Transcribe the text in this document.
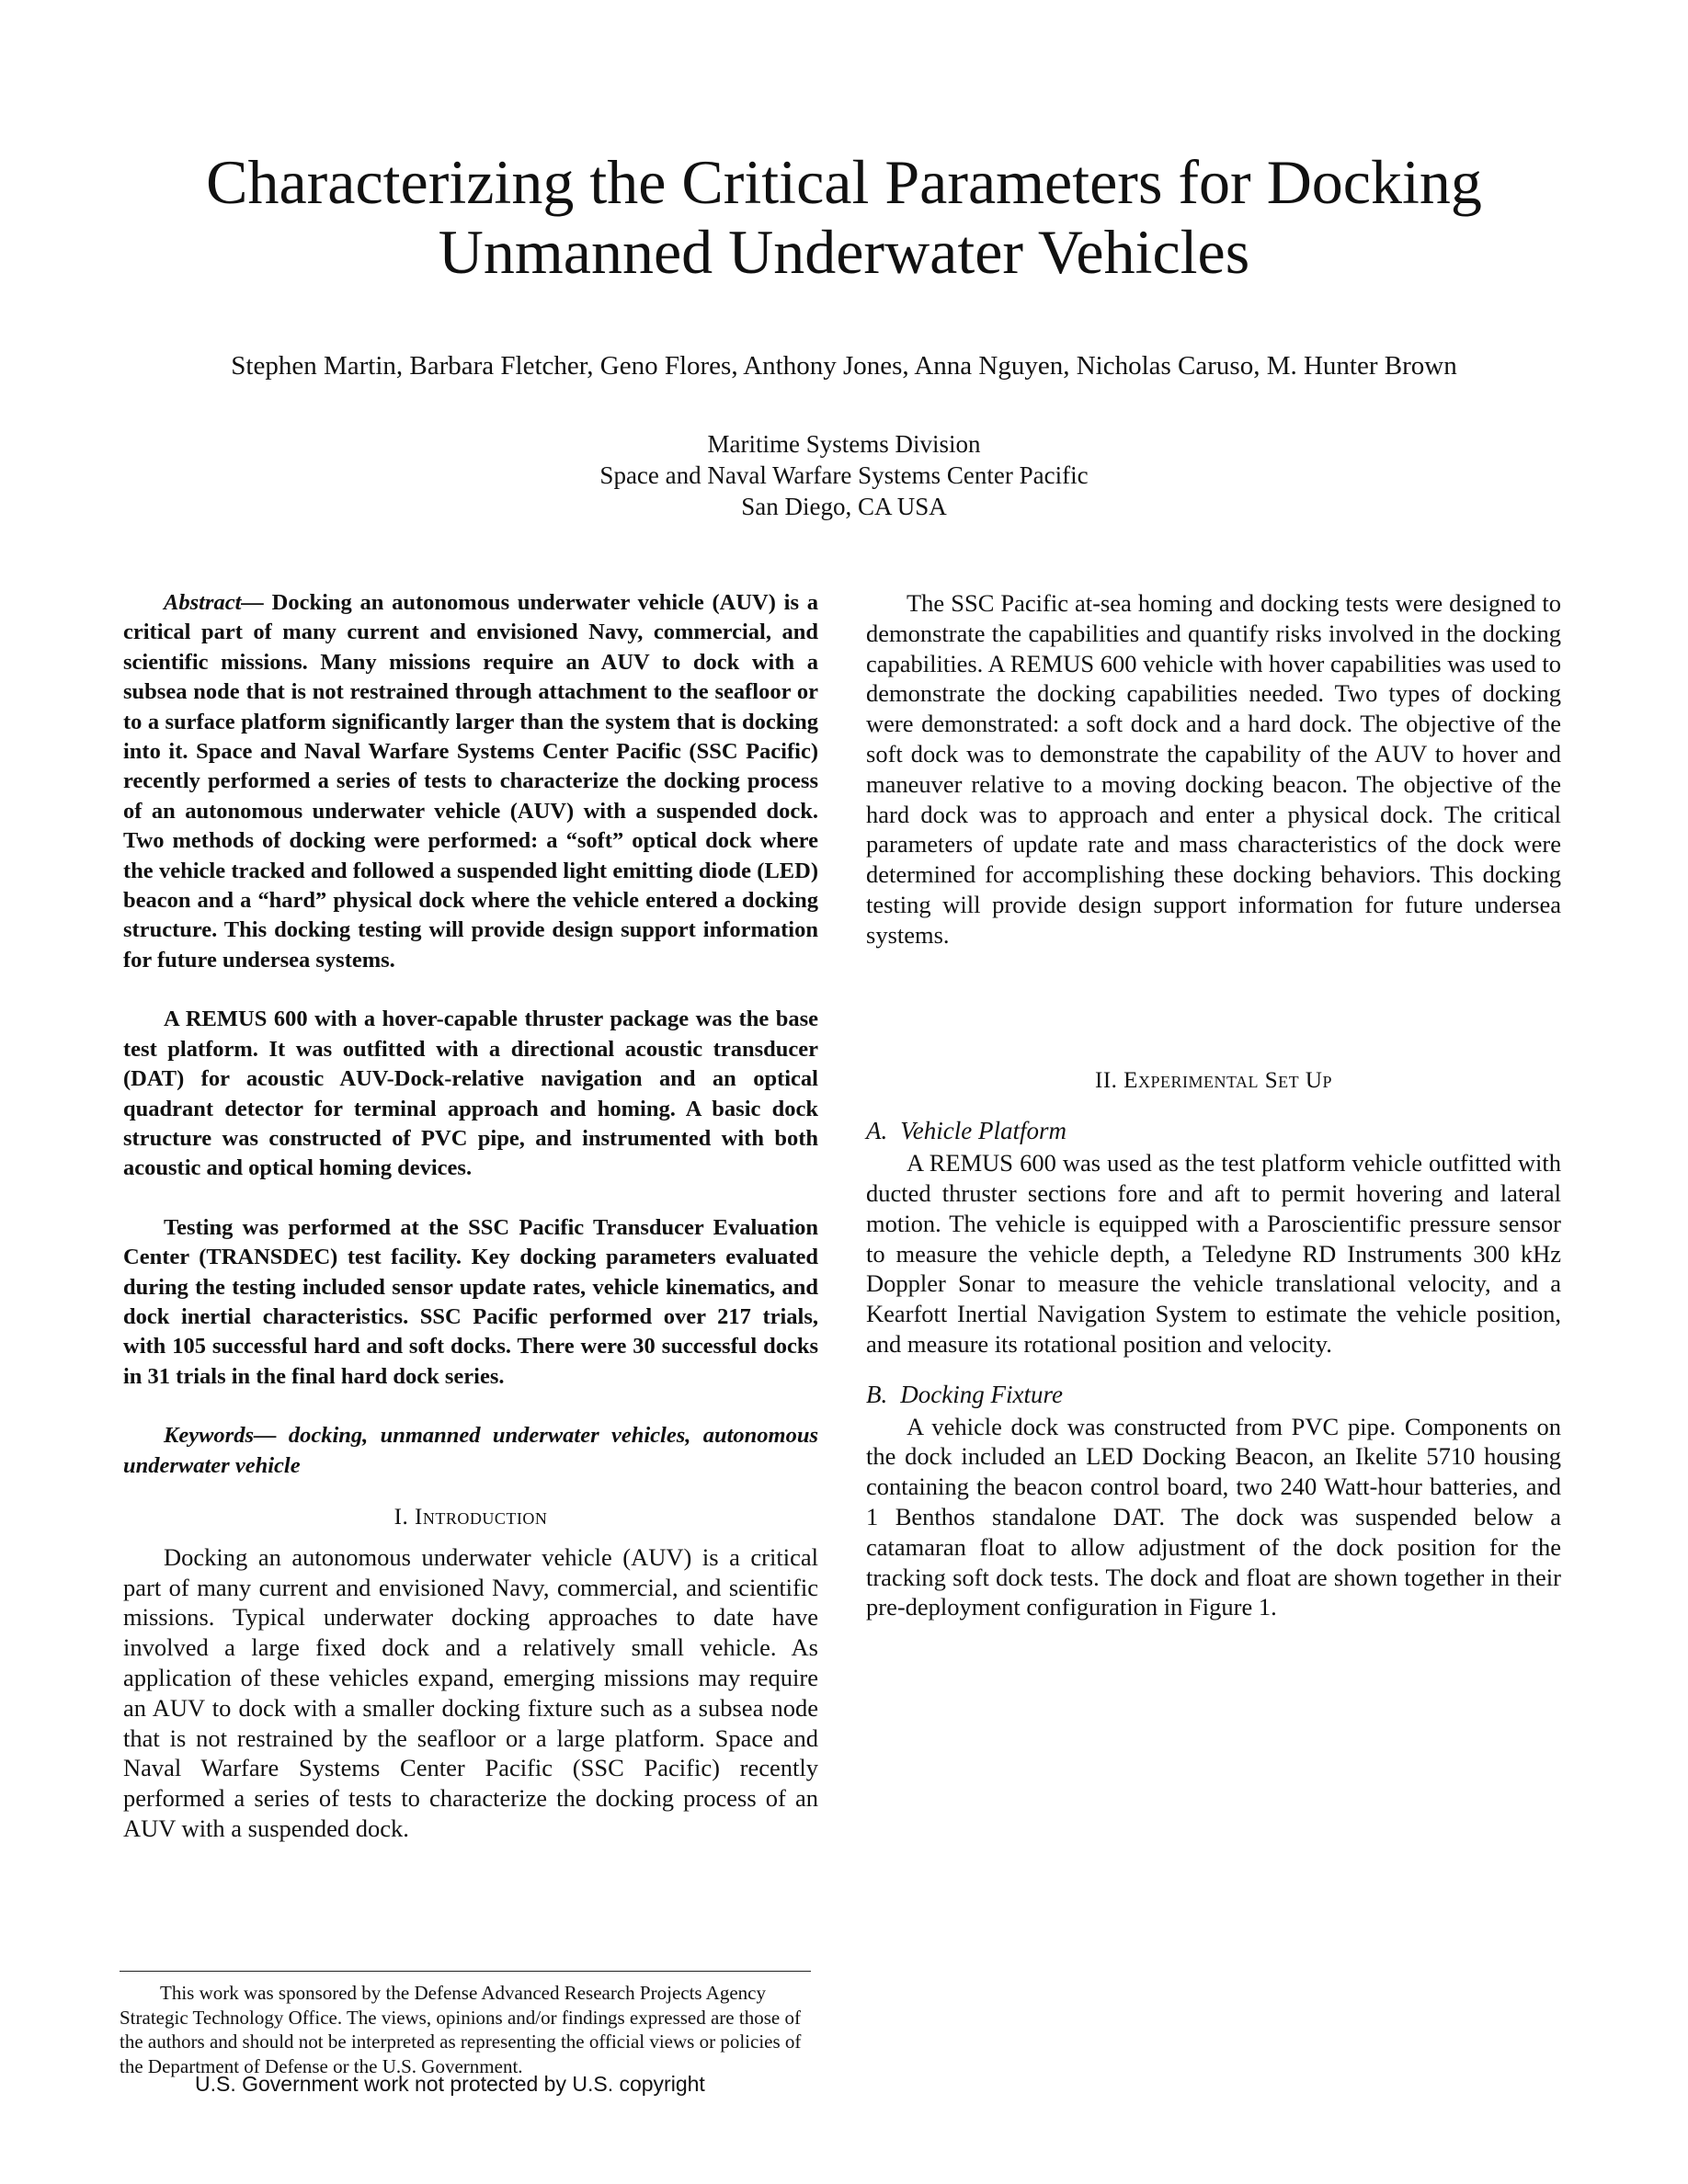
Characterizing the Critical Parameters for Docking Unmanned Underwater Vehicles

Stephen Martin, Barbara Fletcher, Geno Flores, Anthony Jones, Anna Nguyen, Nicholas Caruso, M. Hunter Brown

Maritime Systems Division
Space and Naval Warfare Systems Center Pacific
San Diego, CA USA

Abstract— Docking an autonomous underwater vehicle (AUV) is a critical part of many current and envisioned Navy, commercial, and scientific missions. Many missions require an AUV to dock with a subsea node that is not restrained through attachment to the seafloor or to a surface platform significantly larger than the system that is docking into it. Space and Naval Warfare Systems Center Pacific (SSC Pacific) recently performed a series of tests to characterize the docking process of an autonomous underwater vehicle (AUV) with a suspended dock. Two methods of docking were performed: a “soft” optical dock where the vehicle tracked and followed a suspended light emitting diode (LED) beacon and a “hard” physical dock where the vehicle entered a docking structure. This docking testing will provide design support information for future undersea systems.

A REMUS 600 with a hover-capable thruster package was the base test platform. It was outfitted with a directional acoustic transducer (DAT) for acoustic AUV-Dock-relative navigation and an optical quadrant detector for terminal approach and homing. A basic dock structure was constructed of PVC pipe, and instrumented with both acoustic and optical homing devices.

Testing was performed at the SSC Pacific Transducer Evaluation Center (TRANSDEC) test facility. Key docking parameters evaluated during the testing included sensor update rates, vehicle kinematics, and dock inertial characteristics. SSC Pacific performed over 217 trials, with 105 successful hard and soft docks. There were 30 successful docks in 31 trials in the final hard dock series.

Keywords— docking, unmanned underwater vehicles, autonomous underwater vehicle

I. Introduction

Docking an autonomous underwater vehicle (AUV) is a critical part of many current and envisioned Navy, commercial, and scientific missions. Typical underwater docking approaches to date have involved a large fixed dock and a relatively small vehicle. As application of these vehicles expand, emerging missions may require an AUV to dock with a smaller docking fixture such as a subsea node that is not restrained by the seafloor or a large platform. Space and Naval Warfare Systems Center Pacific (SSC Pacific) recently performed a series of tests to characterize the docking process of an AUV with a suspended dock.

The SSC Pacific at-sea homing and docking tests were designed to demonstrate the capabilities and quantify risks involved in the docking capabilities. A REMUS 600 vehicle with hover capabilities was used to demonstrate the docking capabilities needed. Two types of docking were demonstrated: a soft dock and a hard dock. The objective of the soft dock was to demonstrate the capability of the AUV to hover and maneuver relative to a moving docking beacon. The objective of the hard dock was to approach and enter a physical dock. The critical parameters of update rate and mass characteristics of the dock were determined for accomplishing these docking behaviors. This docking testing will provide design support information for future undersea systems.

II. Experimental Set Up
A. Vehicle Platform

A REMUS 600 was used as the test platform vehicle outfitted with ducted thruster sections fore and aft to permit hovering and lateral motion. The vehicle is equipped with a Paroscientific pressure sensor to measure the vehicle depth, a Teledyne RD Instruments 300 kHz Doppler Sonar to measure the vehicle translational velocity, and a Kearfott Inertial Navigation System to estimate the vehicle position, and measure its rotational position and velocity.

B. Docking Fixture

A vehicle dock was constructed from PVC pipe. Components on the dock included an LED Docking Beacon, an Ikelite 5710 housing containing the beacon control board, two 240 Watt-hour batteries, and 1 Benthos standalone DAT. The dock was suspended below a catamaran float to allow adjustment of the dock position for the tracking soft dock tests. The dock and float are shown together in their pre-deployment configuration in Figure 1.

This work was sponsored by the Defense Advanced Research Projects Agency Strategic Technology Office. The views, opinions and/or findings expressed are those of the authors and should not be interpreted as representing the official views or policies of the Department of Defense or the U.S. Government.

U.S. Government work not protected by U.S. copyright
